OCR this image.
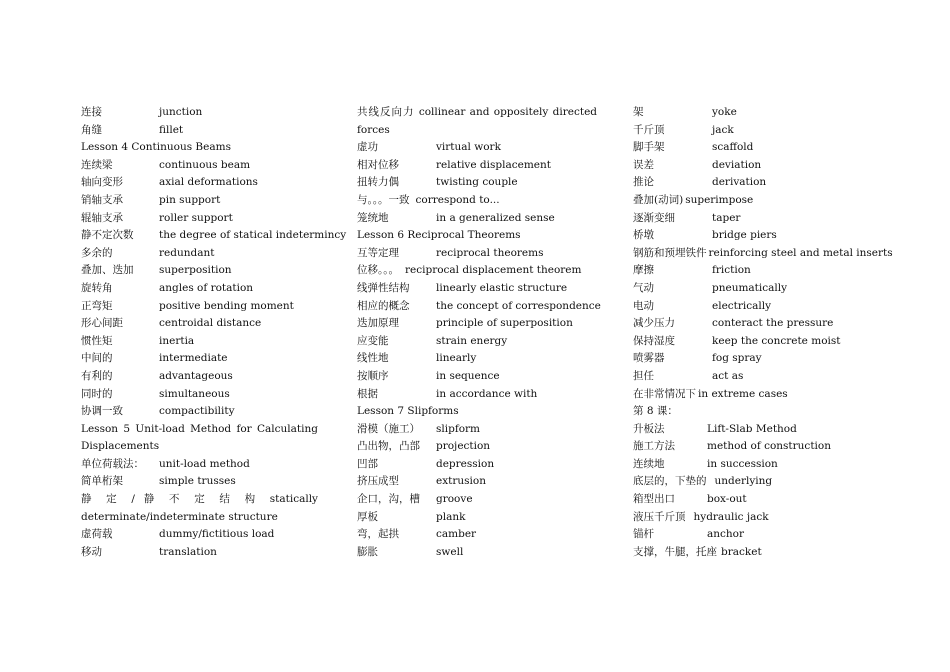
连接	junction
角缝	fillet
Lesson 4 Continuous Beams
连续梁	continuous beam
轴向变形	axial deformations
销轴支承	pin support
辊轴支承	roller support
静不定次数	the degree of statical indetermincy
多余的	redundant
叠加、迭加	superposition
旋转角	angles of rotation
正弯矩	positive bending moment
形心间距	centroidal distance
惯性矩	inertia
中间的	intermediate
有利的	advantageous
同时的	simultaneous
协调一致	compactibility
Lesson 5 Unit-load Method for Calculating
Displacements
单位荷载法：	unit-load method
简单桁架	simple trusses
静 定 / 静 不 定 结 构 statically
determinate/indeterminate structure
虚荷载	dummy/fictitious load
移动	translation
共线反向力 collinear and oppositely directed
forces
虚功	virtual work
相对位移	relative displacement
扭转力偶	twisting couple
与。。。一致 correspond to...
笼统地	in a generalized sense
Lesson 6 Reciprocal Theorems
互等定理	reciprocal theorems
位移。。。 reciprocal displacement theorem
线弹性结构	linearly elastic structure
相应的概念	the concept of correspondence
迭加原理	principle of superposition
应变能	strain energy
线性地	linearly
按顺序	in sequence
根据	in accordance with
Lesson 7 Slipforms
滑模（施工）	slipform
凸出物，凸部	projection
凹部	depression
挤压成型	extrusion
企口，沟，槽	groove
厚板	plank
弯，起拱	camber
膨胀	swell
架	yoke
千斤顶	jack
脚手架	scaffold
误差	deviation
推论	derivation
叠加(动词) superimpose
逐渐变细	taper
桥墩	bridge piers
钢筋和预埋铁件 reinforcing steel and metal inserts
摩擦	friction
气动	pneumatically
电动	electrically
减少压力	conteract the pressure
保持湿度	keep the concrete moist
喷雾器	fog spray
担任	act as
在非常情况下 in extreme cases
第 8 课：
升板法	Lift-Slab Method
施工方法	method of construction
连续地	in succession
底层的，下垫的 underlying
箱型出口	box-out
液压千斤顶 hydraulic jack
锚杆	anchor
支撑，牛腿，托座 bracket
